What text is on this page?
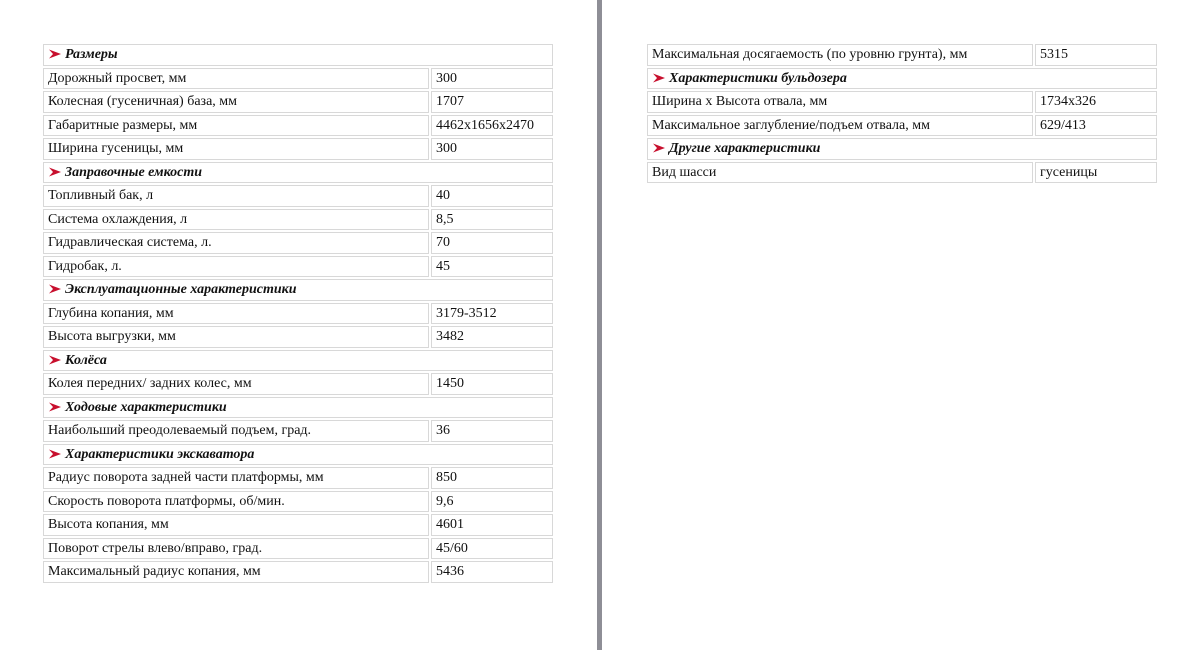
Размеры	
Дорожный просвет, мм	300
Колесная (гусеничная) база, мм	1707
Габаритные размеры, мм	4462x1656x2470
Ширина гусеницы, мм	300
Заправочные емкости	
Топливный бак, л	40
Система охлаждения, л	8,5
Гидравлическая система, л.	70
Гидробак, л.	45
Эксплуатационные характеристики	
Глубина копания, мм	3179-3512
Высота выгрузки, мм	3482
Колёса	
Колея передних/ задних колес, мм	1450
Ходовые характеристики	
Наибольший преодолеваемый подъем, град.	36
Характеристики экскаватора	
Радиус поворота задней части платформы, мм	850
Скорость поворота платформы, об/мин.	9,6
Высота копания, мм	4601
Поворот стрелы влево/вправо, град.	45/60
Максимальный радиус копания, мм	5436
Максимальная досягаемость (по уровню грунта), мм	5315
Характеристики бульдозера	
Ширина х Высота отвала, мм	1734x326
Максимальное заглубление/подъем отвала, мм	629/413
Другие характеристики	
Вид шасси	гусеницы
